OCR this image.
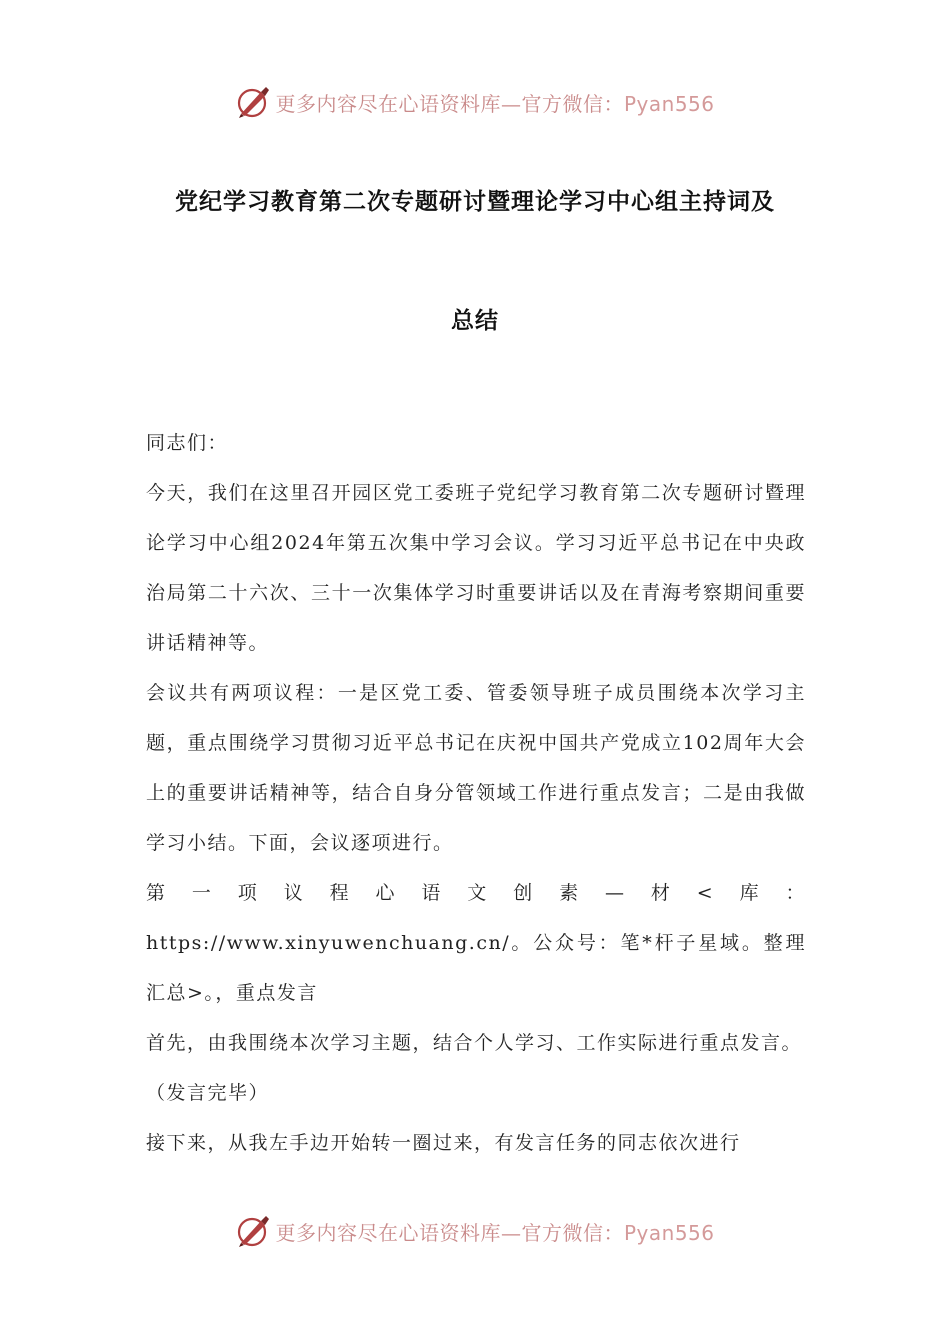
更多内容尽在心语资料库—官方微信：Pyan556
党纪学习教育第二次专题研讨暨理论学习中心组主持词及
总结

同志们：

今天，我们在这里召开园区党工委班子党纪学习教育第二次专题研讨暨理论学习中心组2024年第五次集中学习会议。学习习近平总书记在中央政治局第二十六次、三十一次集体学习时重要讲话以及在青海考察期间重要讲话精神等。

会议共有两项议程：一是区党工委、管委领导班子成员围绕本次学习主题，重点围绕学习贯彻习近平总书记在庆祝中国共产党成立102周年大会上的重要讲话精神等，结合自身分管领域工作进行重点发言；二是由我做学习小结。下面，会议逐项进行。

第一项议程心语文创素—材<库：https://www.xinyuwenchuang.cn/。公众号：笔*杆子星域。整理汇总>。，重点发言

首先，由我围绕本次学习主题，结合个人学习、工作实际进行重点发言。

（发言完毕）

接下来，从我左手边开始转一圈过来，有发言任务的同志依次进行

更多内容尽在心语资料库—官方微信：Pyan556
